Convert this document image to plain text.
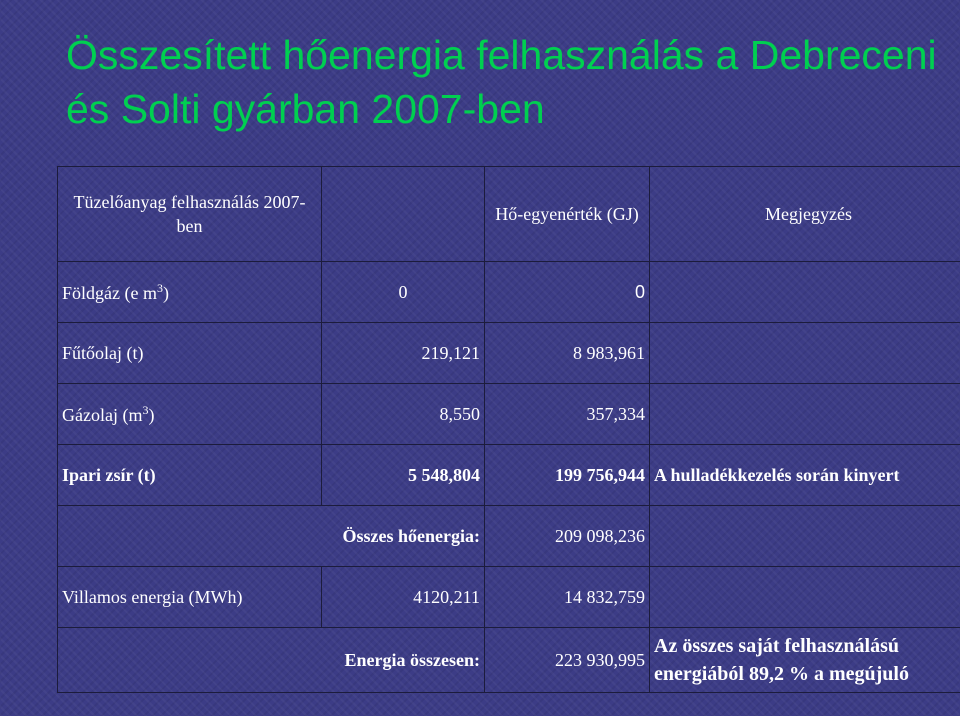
Összesített hőenergia felhasználás a Debreceni és Solti gyárban 2007-ben
Tüzelőanyag felhasználás 2007-ben		Hő-egyenérték (GJ)	Megjegyzés
Földgáz (e $m^3$)	0	0	
Fűtőolaj (t)	219,121	8 983,961	
Gázolaj $(m^3)$	8,550	357,334	
Ipari zsír (t)	5 548,804	199 756,944	A hulladékkezelés során kinyert
Összes hőenergia:		209 098,236	
Villamos energia (MWh)	4120,211	14 832,759	
Energia összesen:		223 930,995	Az összes saját felhasználású energiából 89,2 % a megújuló
